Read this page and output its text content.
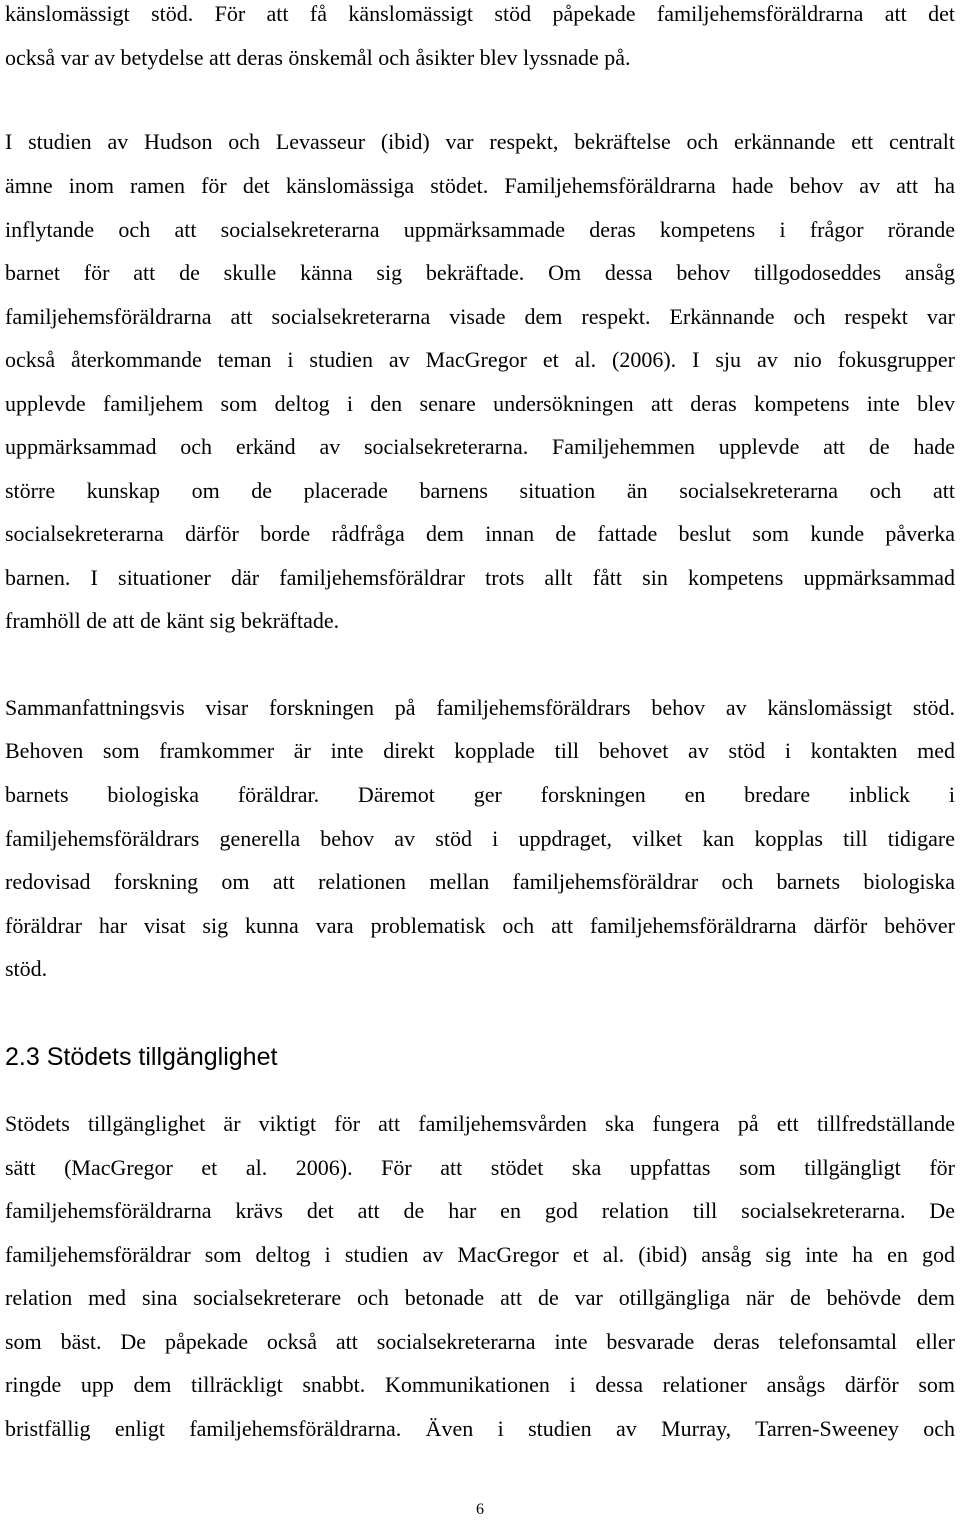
känslomässigt stöd. För att få känslomässigt stöd påpekade familjehemsföräldrarna att det
också var av betydelse att deras önskemål och åsikter blev lyssnade på.
I studien av Hudson och Levasseur (ibid) var respekt, bekräftelse och erkännande ett centralt
ämne inom ramen för det känslomässiga stödet. Familjehemsföräldrarna hade behov av att ha
inflytande och att socialsekreterarna uppmärksammade deras kompetens i frågor rörande
barnet för att de skulle känna sig bekräftade. Om dessa behov tillgodoseddes ansåg
familjehemsföräldrarna att socialsekreterarna visade dem respekt. Erkännande och respekt var
också återkommande teman i studien av MacGregor et al. (2006). I sju av nio fokusgrupper
upplevde familjehem som deltog i den senare undersökningen att deras kompetens inte blev
uppmärksammad och erkänd av socialsekreterarna. Familjehemmen upplevde att de hade
större kunskap om de placerade barnens situation än socialsekreterarna och att
socialsekreterarna därför borde rådfråga dem innan de fattade beslut som kunde påverka
barnen. I situationer där familjehemsföräldrar trots allt fått sin kompetens uppmärksammad
framhöll de att de känt sig bekräftade.
Sammanfattningsvis visar forskningen på familjehemsföräldrars behov av känslomässigt stöd.
Behoven som framkommer är inte direkt kopplade till behovet av stöd i kontakten med
barnets biologiska föräldrar. Däremot ger forskningen en bredare inblick i
familjehemsföräldrars generella behov av stöd i uppdraget, vilket kan kopplas till tidigare
redovisad forskning om att relationen mellan familjehemsföräldrar och barnets biologiska
föräldrar har visat sig kunna vara problematisk och att familjehemsföräldrarna därför behöver
stöd.
2.3 Stödets tillgänglighet
Stödets tillgänglighet är viktigt för att familjehemsvården ska fungera på ett tillfredställande
sätt (MacGregor et al. 2006). För att stödet ska uppfattas som tillgängligt för
familjehemsföräldrarna krävs det att de har en god relation till socialsekreterarna. De
familjehemsföräldrar som deltog i studien av MacGregor et al. (ibid) ansåg sig inte ha en god
relation med sina socialsekreterare och betonade att de var otillgängliga när de behövde dem
som bäst. De påpekade också att socialsekreterarna inte besvarade deras telefonsamtal eller
ringde upp dem tillräckligt snabbt. Kommunikationen i dessa relationer ansågs därför som
bristfällig enligt familjehemsföräldrarna. Även i studien av Murray, Tarren-Sweeney och
6
